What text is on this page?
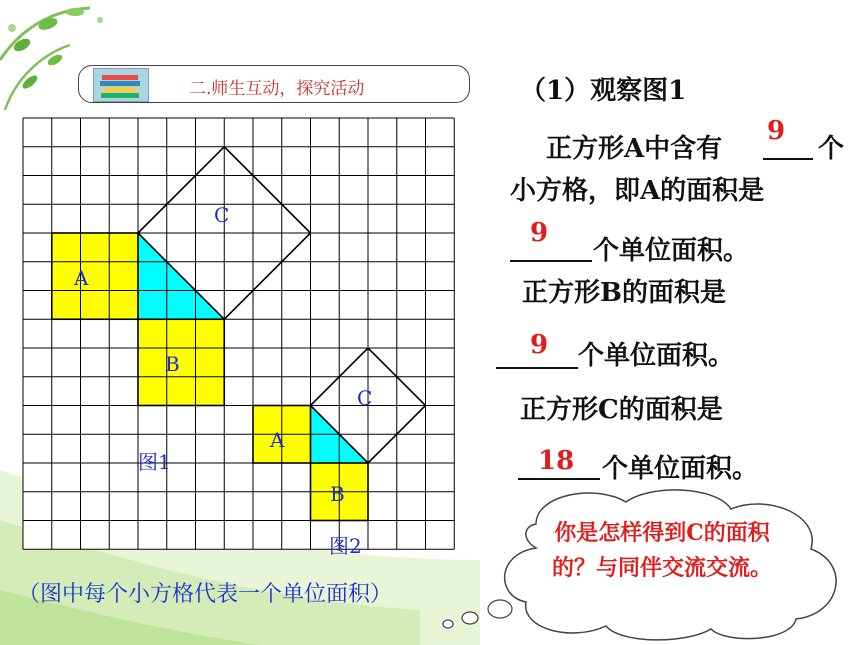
二.师生互动，探究活动
A
B
C
图1
A
B
C
图2
（图中每个小方格代表一个单位面积）
（1）观察图1
正方形A中含有
9
个
小方格，即A的面积是
9
个单位面积。
正方形B的面积是
9 个单位面积。
正方形C的面积是
18 个单位面积。
你是怎样得到C的面积的？与同伴交流交流。
